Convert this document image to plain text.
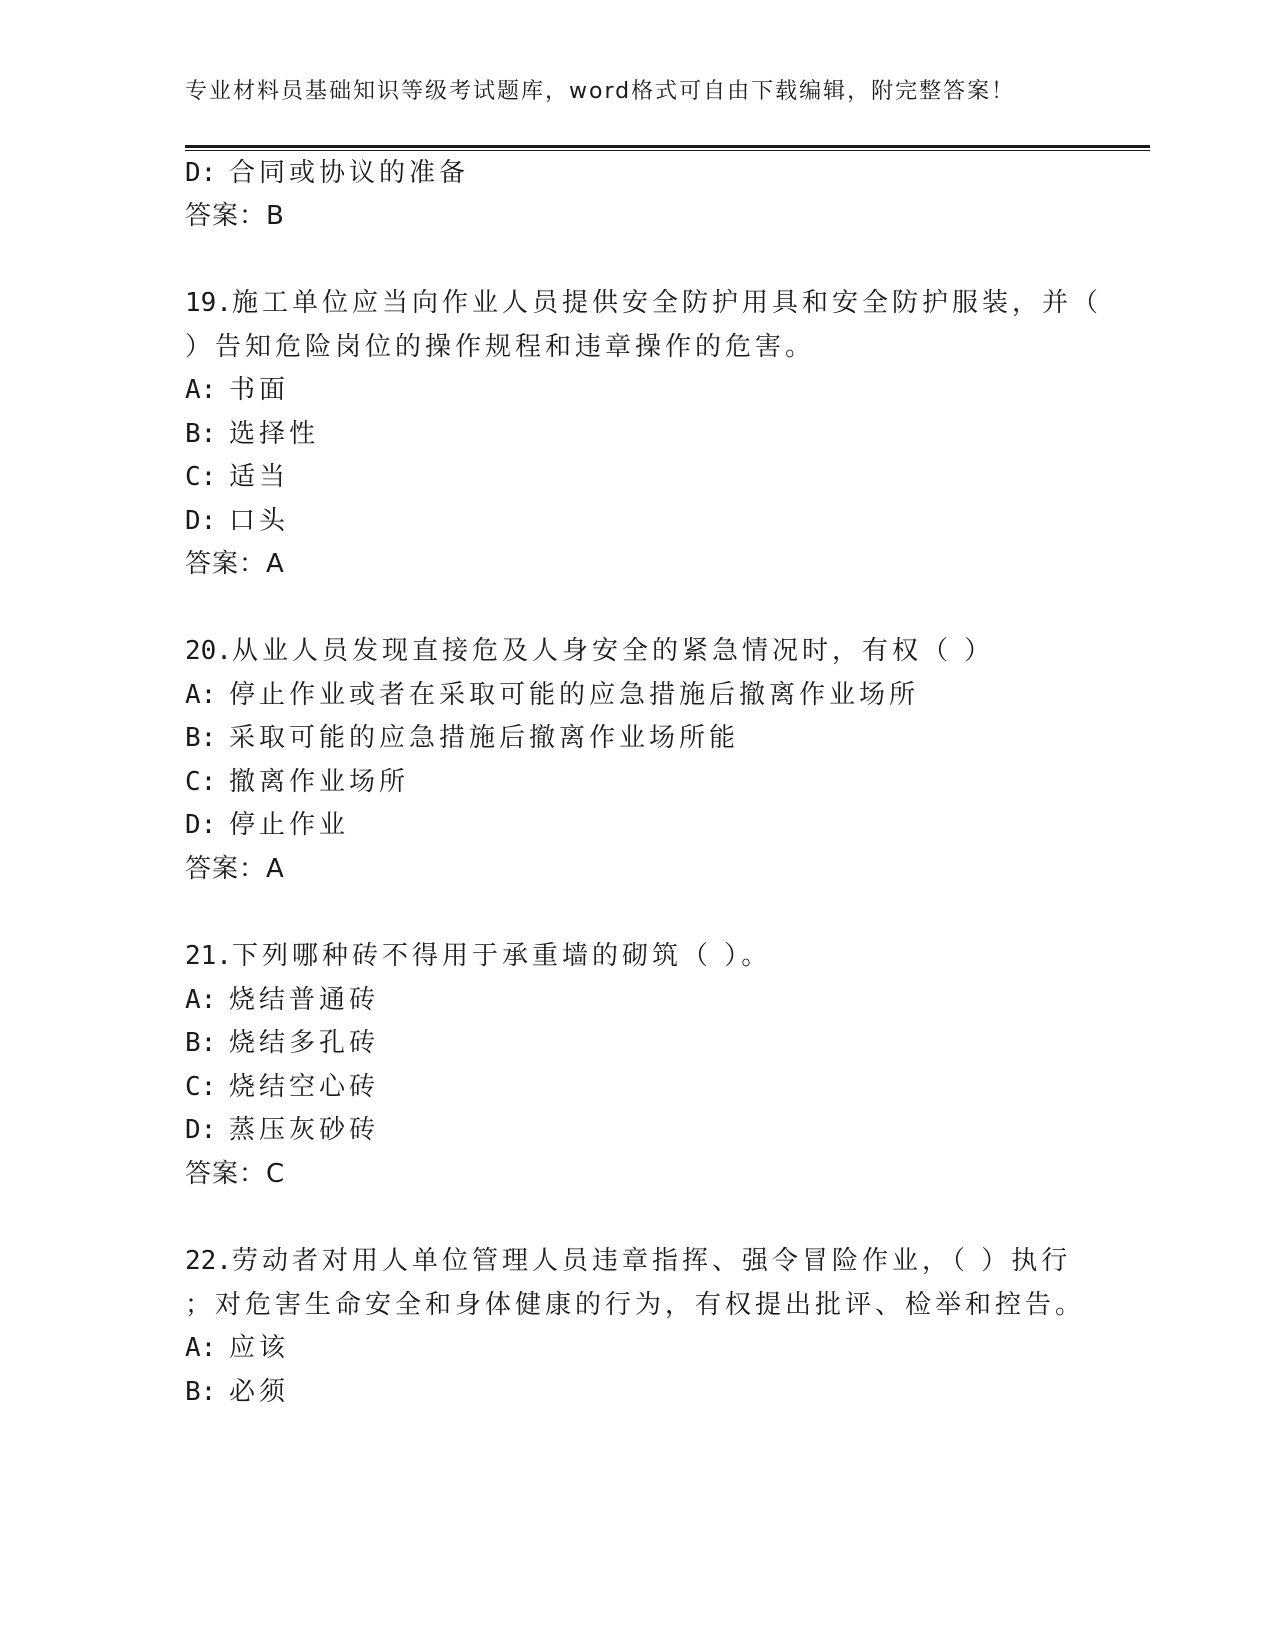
专业材料员基础知识等级考试题库，word格式可自由下载编辑，附完整答案！
D: 合同或协议的准备
答案：B
19.施工单位应当向作业人员提供安全防护用具和安全防护服装，并（
）告知危险岗位的操作规程和违章操作的危害。
A: 书面
B: 选择性
C: 适当
D: 口头
答案：A
20.从业人员发现直接危及人身安全的紧急情况时，有权（ ）
A: 停止作业或者在采取可能的应急措施后撤离作业场所
B: 采取可能的应急措施后撤离作业场所能
C: 撤离作业场所
D: 停止作业
答案：A
21.下列哪种砖不得用于承重墙的砌筑（ ）。
A: 烧结普通砖
B: 烧结多孔砖
C: 烧结空心砖
D: 蒸压灰砂砖
答案：C
22.劳动者对用人单位管理人员违章指挥、强令冒险作业，（ ）执行
；对危害生命安全和身体健康的行为，有权提出批评、检举和控告。
A: 应该
B: 必须
